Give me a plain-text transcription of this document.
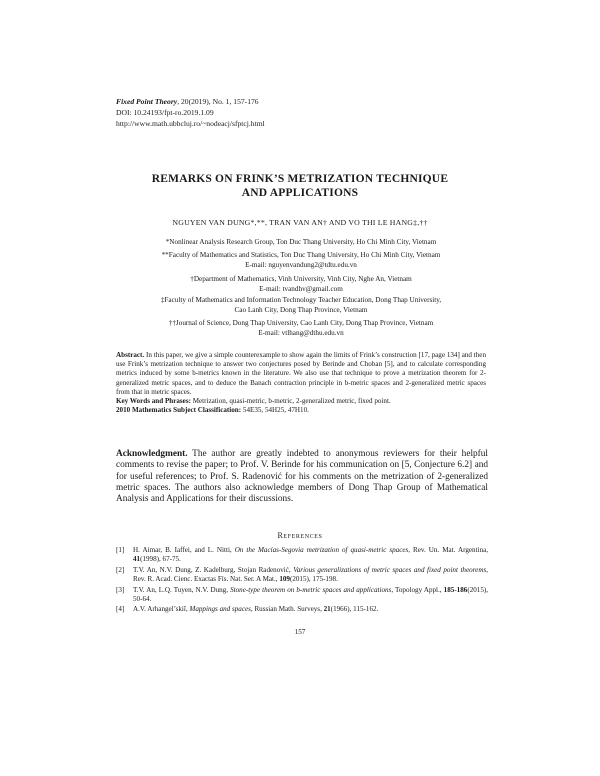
Fixed Point Theory, 20(2019), No. 1, 157-176
DOI: 10.24193/fpt-ro.2019.1.09
http://www.math.ubbcluj.ro/~nodeacj/sfptcj.html
REMARKS ON FRINK’S METRIZATION TECHNIQUE
AND APPLICATIONS
NGUYEN VAN DUNG*,**, TRAN VAN AN† AND VO THI LE HANG‡,††
*Nonlinear Analysis Research Group, Ton Duc Thang University, Ho Chi Minh City, Vietnam
**Faculty of Mathematics and Statistics, Ton Duc Thang University, Ho Chi Minh City, Vietnam
E-mail: nguyenvandung2@tdtu.edu.vn
†Department of Mathematics, Vinh University, Vinh City, Nghe An, Vietnam
E-mail: tvandhv@gmail.com
‡Faculty of Mathematics and Information Technology Teacher Education, Dong Thap University,
Cao Lanh City, Dong Thap Province, Vietnam
††Journal of Science, Dong Thap University, Cao Lanh City, Dong Thap Province, Vietnam
E-mail: vtlhang@dthu.edu.vn
Abstract. In this paper, we give a simple counterexample to show again the limits of Frink’s construction [17, page 134] and then use Frink’s metrization technique to answer two conjectures posed by Berinde and Choban [5], and to calculate corresponding metrics induced by some b-metrics known in the literature. We also use that technique to prove a metrization theorem for 2-generalized metric spaces, and to deduce the Banach contraction principle in b-metric spaces and 2-generalized metric spaces from that in metric spaces.
Key Words and Phrases: Metrization, quasi-metric, b-metric, 2-generalized metric, fixed point.
2010 Mathematics Subject Classification: 54E35, 54H25, 47H10.
Acknowledgment. The author are greatly indebted to anonymous reviewers for their helpful comments to revise the paper; to Prof. V. Berinde for his communication on [5, Conjecture 6.2] and for useful references; to Prof. S. Radenović for his comments on the metrization of 2-generalized metric spaces. The authors also acknowledge members of Dong Thap Group of Mathematical Analysis and Applications for their discussions.
References
[1]	H. Aimar, B. Iaffei, and L. Nitti, On the Macías-Segovia metrization of quasi-metric spaces, Rev. Un. Mat. Argentina, 41(1998), 67-75.
[2]	T.V. An, N.V. Dung, Z. Kadelburg, Stojan Radenović, Various generalizations of metric spaces and fixed point theorems, Rev. R. Acad. Cienc. Exactas Fís. Nat. Ser. A Mat., 109(2015), 175-198.
[3]	T.V. An, L.Q. Tuyen, N.V. Dung, Stone-type theorem on b-metric spaces and applications, Topology Appl., 185-186(2015), 50-64.
[4]	A.V. Arhangel’skiĭ, Mappings and spaces, Russian Math. Surveys, 21(1966), 115-162.
157
